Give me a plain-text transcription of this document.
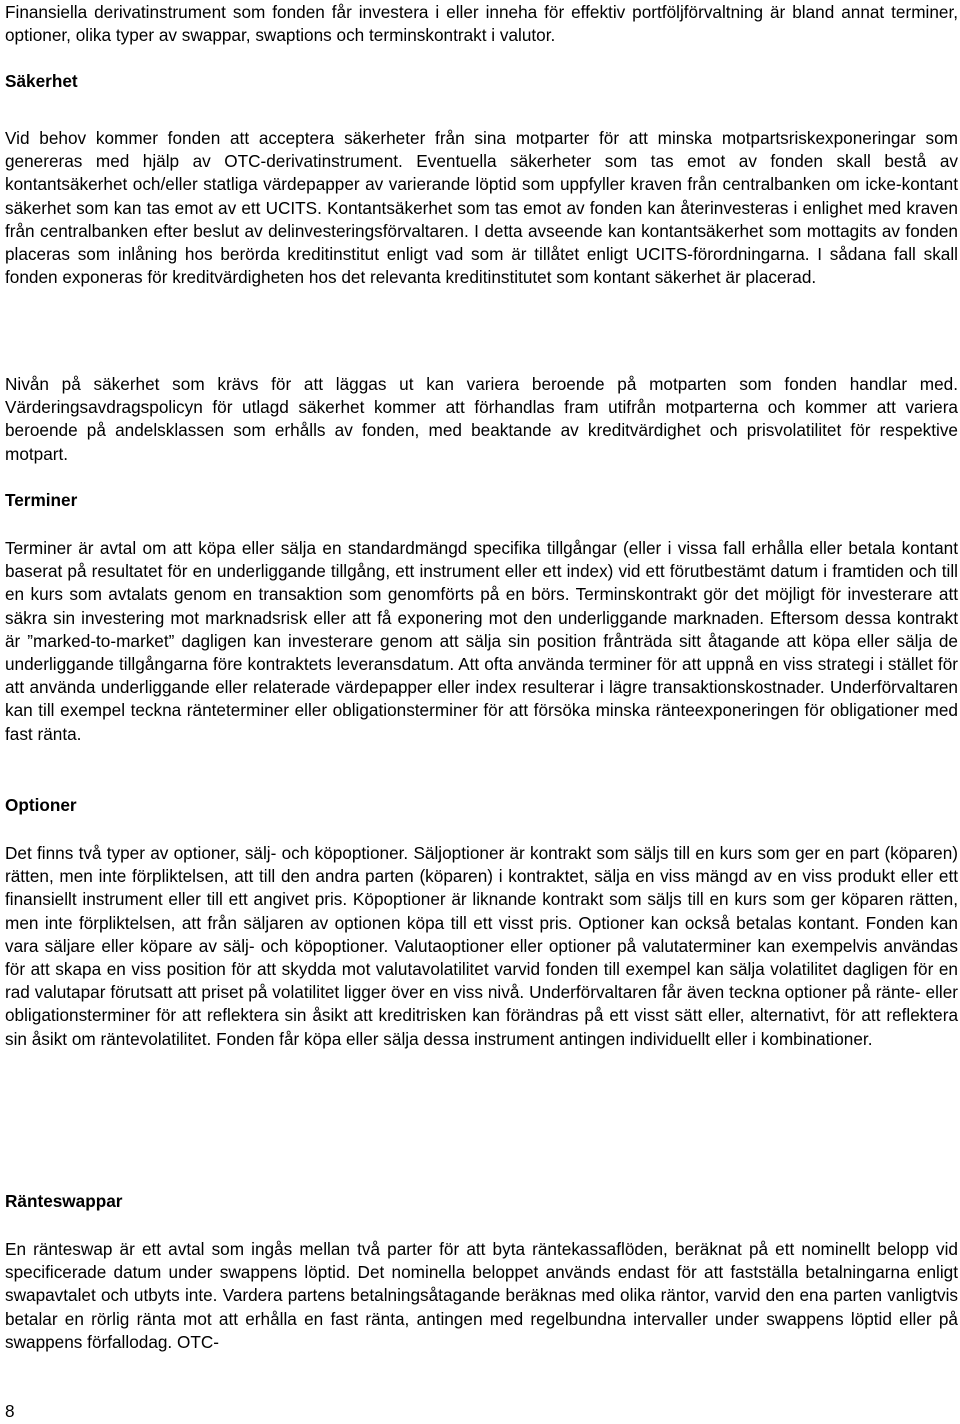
Finansiella derivatinstrument som fonden får investera i eller inneha för effektiv portföljförvaltning är bland annat terminer, optioner, olika typer av swappar, swaptions och terminskontrakt i valutor.

Säkerhet

Vid behov kommer fonden att acceptera säkerheter från sina motparter för att minska motpartsriskexponeringar som genereras med hjälp av OTC-derivatinstrument. Eventuella säkerheter som tas emot av fonden skall bestå av kontantsäkerhet och/eller statliga värdepapper av varierande löptid som uppfyller kraven från centralbanken om icke-kontant säkerhet som kan tas emot av ett UCITS. Kontantsäkerhet som tas emot av fonden kan återinvesteras i enlighet med kraven från centralbanken efter beslut av delinvesteringsförvaltaren. I detta avseende kan kontantsäkerhet som mottagits av fonden placeras som inlåning hos berörda kreditinstitut enligt vad som är tillåtet enligt UCITS-förordningarna. I sådana fall skall fonden exponeras för kreditvärdigheten hos det relevanta kreditinstitutet som kontant säkerhet är placerad.

Nivån på säkerhet som krävs för att läggas ut kan variera beroende på motparten som fonden handlar med. Värderingsavdragspolicyn för utlagd säkerhet kommer att förhandlas fram utifrån motparterna och kommer att variera beroende på andelsklassen som erhålls av fonden, med beaktande av kreditvärdighet och prisvolatilitet för respektive motpart.

Terminer

Terminer är avtal om att köpa eller sälja en standardmängd specifika tillgångar (eller i vissa fall erhålla eller betala kontant baserat på resultatet för en underliggande tillgång, ett instrument eller ett index) vid ett förutbestämt datum i framtiden och till en kurs som avtalats genom en transaktion som genomförts på en börs. Terminskontrakt gör det möjligt för investerare att säkra sin investering mot marknadsrisk eller att få exponering mot den underliggande marknaden. Eftersom dessa kontrakt är ”marked-to-market” dagligen kan investerare genom att sälja sin position frånträda sitt åtagande att köpa eller sälja de underliggande tillgångarna före kontraktets leveransdatum. Att ofta använda terminer för att uppnå en viss strategi i stället för att använda underliggande eller relaterade värdepapper eller index resulterar i lägre transaktionskostnader. Underförvaltaren kan till exempel teckna ränteterminer eller obligationsterminer för att försöka minska ränteexponeringen för obligationer med fast ränta.

Optioner

Det finns två typer av optioner, sälj- och köpoptioner. Säljoptioner är kontrakt som säljs till en kurs som ger en part (köparen) rätten, men inte förpliktelsen, att till den andra parten (köparen) i kontraktet, sälja en viss mängd av en viss produkt eller ett finansiellt instrument eller till ett angivet pris. Köpoptioner är liknande kontrakt som säljs till en kurs som ger köparen rätten, men inte förpliktelsen, att från säljaren av optionen köpa till ett visst pris. Optioner kan också betalas kontant. Fonden kan vara säljare eller köpare av sälj- och köpoptioner. Valutaoptioner eller optioner på valutaterminer kan exempelvis användas för att skapa en viss position för att skydda mot valutavolatilitet varvid fonden till exempel kan sälja volatilitet dagligen för en rad valutapar förutsatt att priset på volatilitet ligger över en viss nivå. Underförvaltaren får även teckna optioner på ränte- eller obligationsterminer för att reflektera sin åsikt att kreditrisken kan förändras på ett visst sätt eller, alternativt, för att reflektera sin åsikt om räntevolatilitet. Fonden får köpa eller sälja dessa instrument antingen individuellt eller i kombinationer.

Ränteswappar

En ränteswap är ett avtal som ingås mellan två parter för att byta räntekassaflöden, beräknat på ett nominellt belopp vid specificerade datum under swappens löptid. Det nominella beloppet används endast för att fastställa betalningarna enligt swapavtalet och utbyts inte. Vardera partens betalningsåtagande beräknas med olika räntor, varvid den ena parten vanligtvis betalar en rörlig ränta mot att erhålla en fast räntа, antingen med regelbundna intervaller under swappens löptid eller på swappens förfallodag. OTC-

8
